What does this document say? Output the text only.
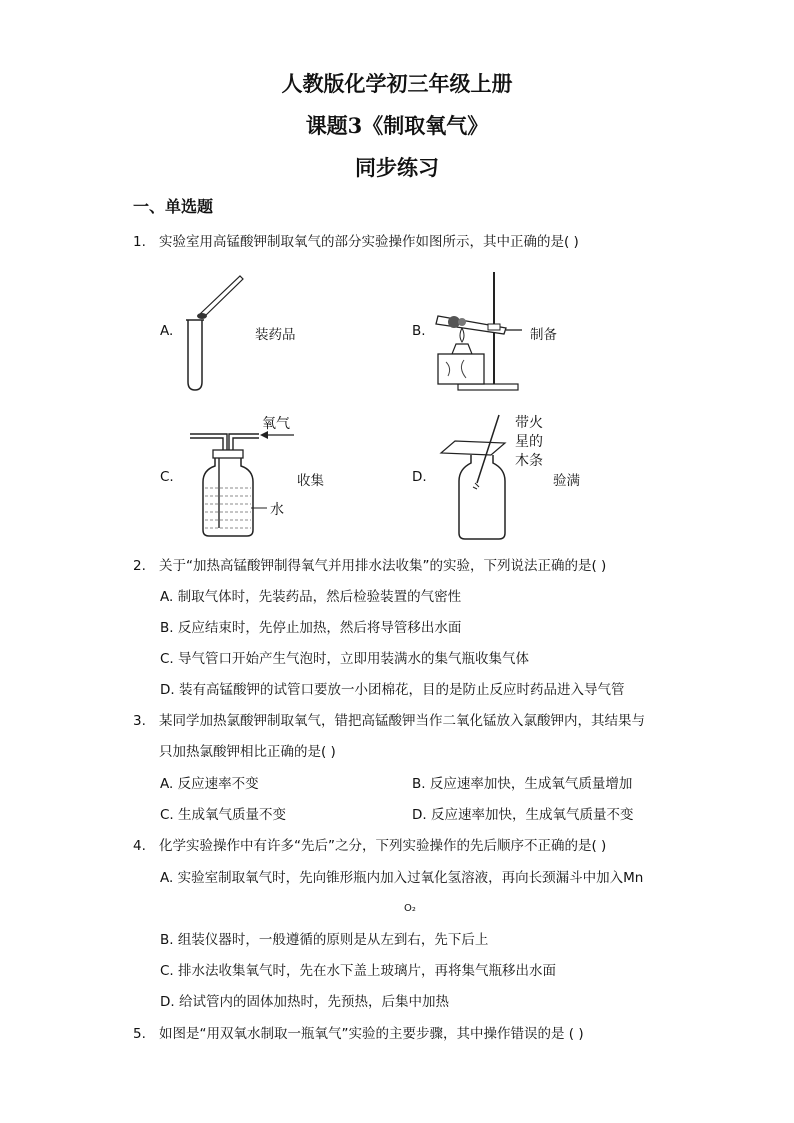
人教版化学初三年级上册
课题3《制取氧气》
同步练习
一、单选题
1. 实验室用高锰酸钾制取氧气的部分实验操作如图所示，其中正确的是( )
A.	装药品	B.	制备
C.
氧气
水
收集	D.
带火
星的
木条
验满
2. 关于“加热高锰酸钾制得氧气并用排水法收集”的实验，下列说法正确的是( )
A. 制取气体时，先装药品，然后检验装置的气密性
B. 反应结束时，先停止加热，然后将导管移出水面
C. 导气管口开始产生气泡时，立即用装满水的集气瓶收集气体
D. 装有高锰酸钾的试管口要放一小团棉花，目的是防止反应时药品进入导气管
3. 某同学加热氯酸钾制取氧气，错把高锰酸钾当作二氧化锰放入氯酸钾内，其结果与
只加热氯酸钾相比正确的是( )
A. 反应速率不变	B. 反应速率加快，生成氧气质量增加
C. 生成氧气质量不变	D. 反应速率加快，生成氧气质量不变
4. 化学实验操作中有许多“先后”之分，下列实验操作的先后顺序不正确的是( )
A. 实验室制取氧气时，先向锥形瓶内加入过氧化氢溶液，再向长颈漏斗中加入Mn
O₂
B. 组装仪器时，一般遵循的原则是从左到右，先下后上
C. 排水法收集氧气时，先在水下盖上玻璃片，再将集气瓶移出水面
D. 给试管内的固体加热时，先预热，后集中加热
5. 如图是“用双氧水制取一瓶氧气”实验的主要步骤，其中操作错误的是 ( )
